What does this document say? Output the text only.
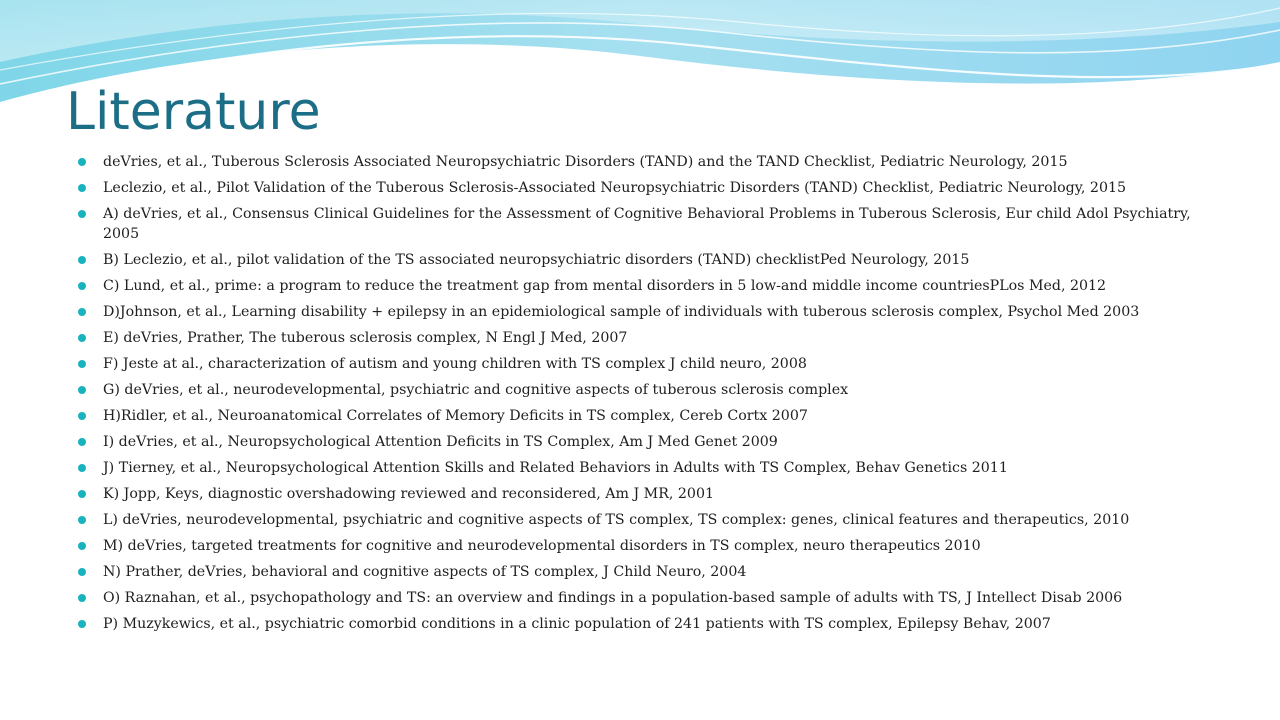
Literature
deVries, et al., Tuberous Sclerosis Associated Neuropsychiatric Disorders (TAND) and the TAND Checklist, Pediatric Neurology, 2015
Leclezio, et al., Pilot Validation of the Tuberous Sclerosis-Associated Neuropsychiatric Disorders (TAND) Checklist, Pediatric Neurology, 2015
A) deVries, et al., Consensus Clinical Guidelines for the Assessment of Cognitive Behavioral Problems in Tuberous Sclerosis, Eur child Adol Psychiatry, 2005
B) Leclezio, et al., pilot validation of the TS associated neuropsychiatric disorders (TAND) checklistPed Neurology, 2015
C) Lund, et al., prime: a program to reduce the treatment gap from mental disorders in 5 low-and middle income countriesPLos Med, 2012
D)Johnson, et al., Learning disability + epilepsy in an epidemiological sample of individuals with tuberous sclerosis complex, Psychol Med 2003
E) deVries, Prather, The tuberous sclerosis complex, N Engl J Med, 2007
F) Jeste at al., characterization of autism and young children with TS complex J child neuro, 2008
G) deVries, et al., neurodevelopmental, psychiatric and cognitive aspects of tuberous sclerosis complex
H)Ridler, et al., Neuroanatomical Correlates of Memory Deficits in TS complex, Cereb Cortx 2007
I) deVries, et al., Neuropsychological Attention Deficits in TS Complex, Am J Med Genet 2009
J) Tierney, et al., Neuropsychological Attention Skills and Related Behaviors in Adults with TS Complex, Behav Genetics 2011
K) Jopp, Keys, diagnostic overshadowing reviewed and reconsidered, Am J MR, 2001
L) deVries, neurodevelopmental, psychiatric and cognitive aspects of TS complex, TS complex: genes, clinical features and therapeutics, 2010
M) deVries, targeted treatments for cognitive and neurodevelopmental disorders in TS complex, neuro therapeutics 2010
N) Prather, deVries, behavioral and cognitive aspects of TS complex, J Child Neuro, 2004
O) Raznahan, et al., psychopathology and TS: an overview and findings in a population-based sample of adults with TS, J Intellect Disab 2006
P) Muzykewics, et al., psychiatric comorbid conditions in a clinic population of 241 patients with TS complex, Epilepsy Behav, 2007
